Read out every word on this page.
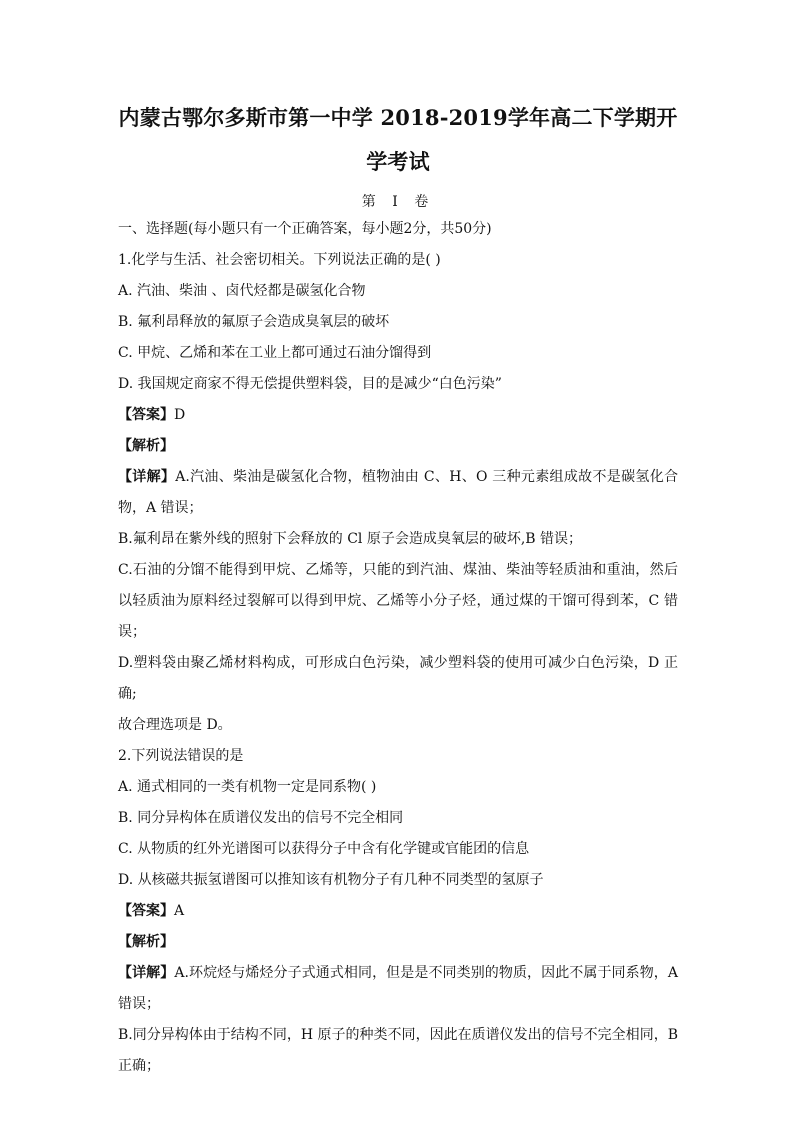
内蒙古鄂尔多斯市第一中学 2018-2019学年高二下学期开学考试
第 Ⅰ 卷

一、选择题(每小题只有一个正确答案，每小题2分，共50分)

1.化学与生活、社会密切相关。下列说法正确的是( )

A. 汽油、柴油 、卤代烃都是碳氢化合物

B. 氟利昂释放的氟原子会造成臭氧层的破坏

C. 甲烷、乙烯和苯在工业上都可通过石油分馏得到

D. 我国规定商家不得无偿提供塑料袋，目的是减少“白色污染”

【答案】D

【解析】

【详解】A.汽油、柴油是碳氢化合物，植物油由 C、H、O 三种元素组成故不是碳氢化合物，A 错误；

B.氟利昂在紫外线的照射下会释放的 Cl 原子会造成臭氧层的破坏,B 错误；

C.石油的分馏不能得到甲烷、乙烯等，只能的到汽油、煤油、柴油等轻质油和重油，然后以轻质油为原料经过裂解可以得到甲烷、乙烯等小分子烃，通过煤的干馏可得到苯，C 错误；

D.塑料袋由聚乙烯材料构成，可形成白色污染，减少塑料袋的使用可减少白色污染，D 正确;

故合理选项是 D。

2.下列说法错误的是

A. 通式相同的一类有机物一定是同系物( )

B. 同分异构体在质谱仪发出的信号不完全相同

C. 从物质的红外光谱图可以获得分子中含有化学键或官能团的信息

D. 从核磁共振氢谱图可以推知该有机物分子有几种不同类型的氢原子

【答案】A

【解析】

【详解】A.环烷烃与烯烃分子式通式相同，但是是不同类别的物质，因此不属于同系物，A 错误；

B.同分异构体由于结构不同，H 原子的种类不同，因此在质谱仪发出的信号不完全相同，B 正确；
